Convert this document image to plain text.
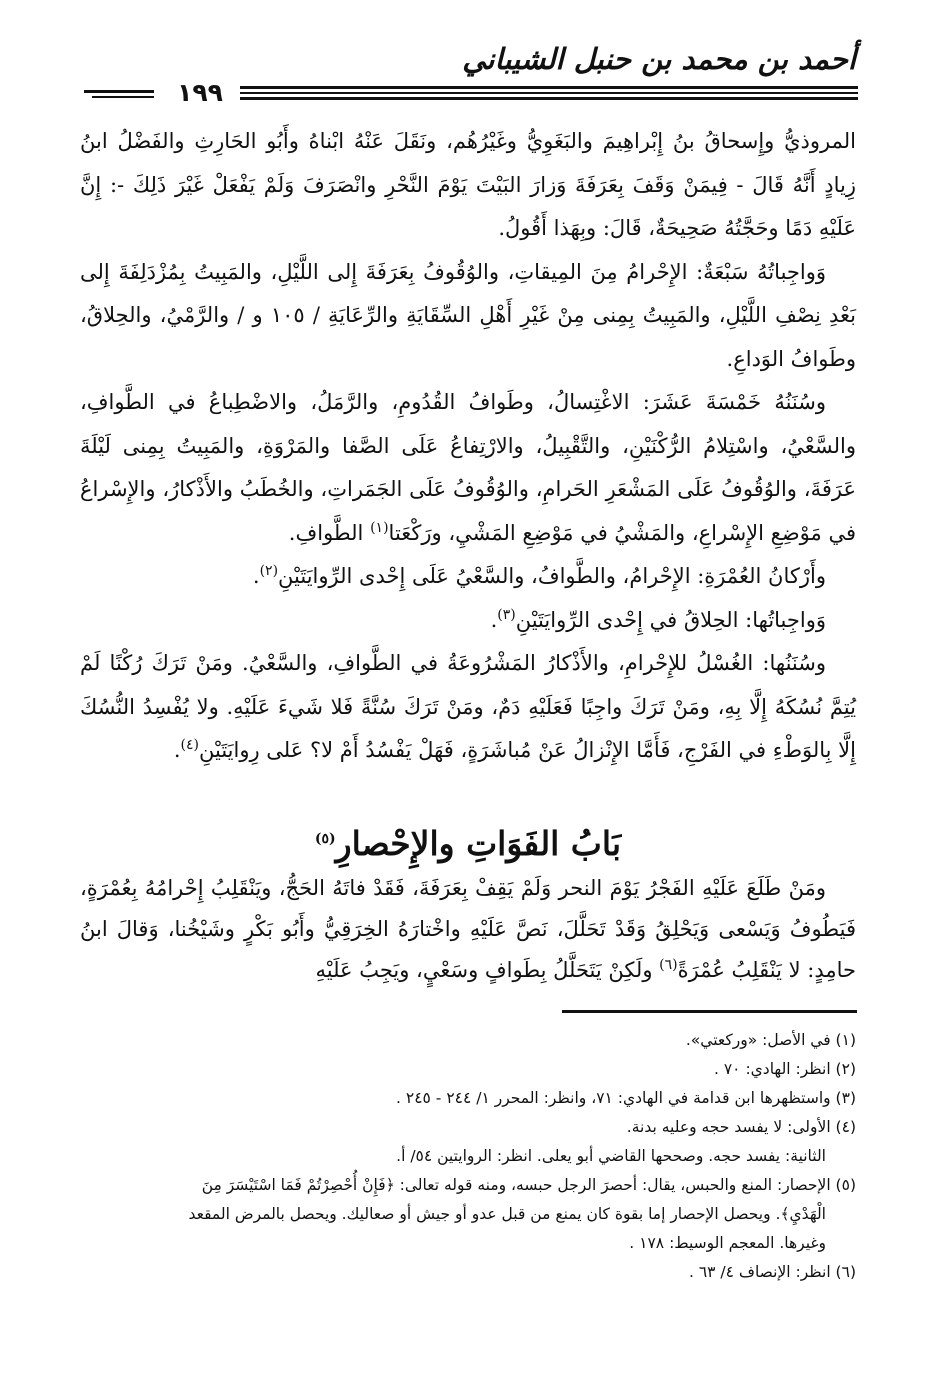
أحمد بن محمد بن حنبل الشيباني
١٩٩

المروذيُّ وإِسحاقُ بنُ إِبْراهِيمَ والبَغَوِيُّ وغَيْرُهُم، ونَقَلَ عَنْهُ ابْناهُ وأَبُو الحَارِثِ والفَضْلُ ابنُ زِيادٍ أَنَّهُ قَالَ - فِيمَنْ وَقَفَ بِعَرَفَةَ وَزارَ البَيْتَ يَوْمَ النَّحْرِ وانْصَرَفَ وَلَمْ يَفْعَلْ غَيْرَ ذَلِكَ -: إِنَّ عَلَيْهِ دَمًا وحَجَّتُهُ صَحِيحَةٌ، قَالَ: وبِهَذا أَقُولُ.

وَواجِباتُهُ سَبْعَةٌ: الإِحْرامُ مِنَ المِيقاتِ، والوُقُوفُ بِعَرَفَةَ إِلى اللَّيْلِ، والمَبِيتُ بِمُزْدَلِفَةَ إِلى بَعْدِ نِصْفِ اللَّيْلِ، والمَبِيتُ بِمِنى مِنْ غَيْرِ أَهْلِ السِّقَايَةِ والرِّعَايَةِ / ١٠٥ و / والرَّمْيُ، والحِلاقُ، وطَوافُ الوَداعِ.

وسُنَنُهُ خَمْسَةَ عَشَرَ: الاغْتِسالُ، وطَوافُ القُدُومِ، والرَّمَلُ، والاضْطِباعُ في الطَّوافِ، والسَّعْيُ، واسْتِلامُ الرُّكْنَيْنِ، والتَّقْبِيلُ، والارْتِفاعُ عَلَى الصَّفا والمَرْوَةِ، والمَبِيتُ بِمِنى لَيْلَةَ عَرَفَةَ، والوُقُوفُ عَلَى المَشْعَرِ الحَرامِ، والوُقُوفُ عَلَى الجَمَراتِ، والخُطَبُ والأَذْكارُ، والإِسْراعُ في مَوْضِعِ الإِسْراعِ، والمَشْيُ في مَوْضِعِ المَشْيِ، ورَكْعَتا$^{(١)}$ الطَّوافِ.

وأَرْكانُ العُمْرَةِ: الإِحْرامُ، والطَّوافُ، والسَّعْيُ عَلَى إِحْدى الرِّوايَتَيْنِ$^{(٢)}$.

وَواجِباتُها: الحِلاقُ في إِحْدى الرِّوايَتَيْنِ$^{(٣)}$.

وسُنَنُها: الغُسْلُ للإِحْرامِ، والأَذْكارُ المَشْرُوعَةُ في الطَّوافِ، والسَّعْيُ. ومَنْ تَرَكَ رُكْنًا لَمْ يُتِمَّ نُسُكَهُ إِلَّا بِهِ، ومَنْ تَرَكَ واجِبًا فَعَلَيْهِ دَمٌ، ومَنْ تَرَكَ سُنَّةً فَلا شَيءَ عَلَيْهِ. ولا يُفْسِدُ النُّسُكَ إِلَّا بِالوَطْءِ في الفَرْجِ، فَأَمَّا الإِنْزالُ عَنْ مُباشَرَةٍ، فَهَلْ يَفْسُدُ أَمْ لا؟ عَلى رِوايَتَيْنِ$^{(٤)}$.

بَابُ الفَوَاتِ والإِحْصارِ$^{(٥)}$

ومَنْ طَلَعَ عَلَيْهِ الفَجْرُ يَوْمَ النحر وَلَمْ يَقِفْ بِعَرَفَةَ، فَقَدْ فاتَهُ الحَجُّ، ويَنْقَلِبُ إِحْرامُهُ بِعُمْرَةٍ، فَيَطُوفُ وَيَسْعى وَيَحْلِقُ وَقَدْ تَحَلَّلَ، نَصَّ عَلَيْهِ واخْتارَهُ الخِرَقِيُّ وأَبُو بَكْرٍ وشَيْخُنا، وَقالَ ابنُ حامِدٍ: لا يَنْقَلِبُ عُمْرَةً$^{(٦)}$ ولَكِنْ يَتَحَلَّلُ بِطَوافٍ وسَعْيٍ، ويَجِبُ عَلَيْهِ

(١) في الأصل: «وركعتي».

(٢) انظر: الهادي: ٧٠ .

(٣) واستظهرها ابن قدامة في الهادي: ٧١، وانظر: المحرر ١/ ٢٤٤ - ٢٤٥ .

(٤) الأولى: لا يفسد حجه وعليه بدنة.

الثانية: يفسد حجه. وصححها القاضي أبو يعلى. انظر: الروايتين ٥٤/ أ.

(٥) الإحصار: المنع والحبس، يقال: أحصرَ الرجل حبسه، ومنه قوله تعالى: ﴿فَإِنْ أُحْصِرْتُمْ فَمَا اسْتَيْسَرَ مِنَ الْهَدْيِ﴾. ويحصل الإحصار إما بقوة كان يمنع من قبل عدو أو جيش أو صعاليك. ويحصل بالمرض المقعد وغيرها. المعجم الوسيط: ١٧٨ .

(٦) انظر: الإنصاف ٤/ ٦٣ .
